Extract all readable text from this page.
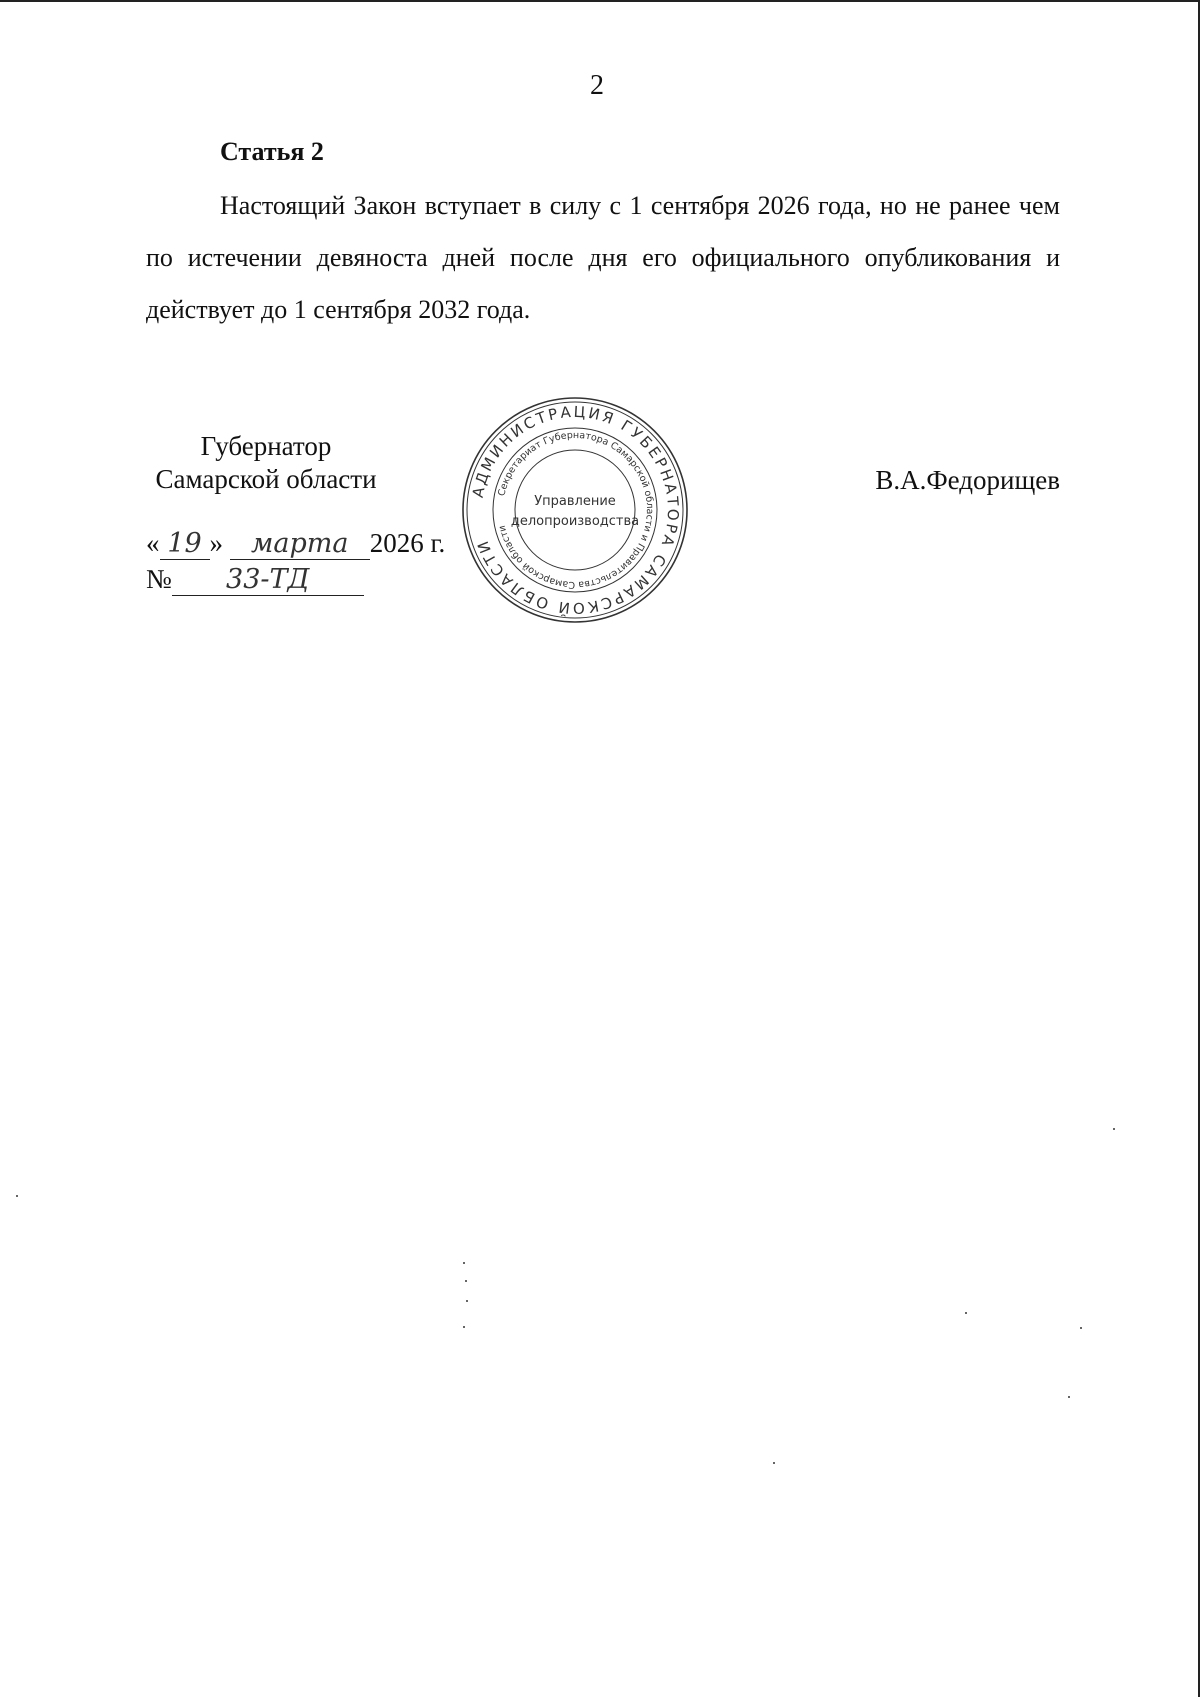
2
Статья 2
Настоящий Закон вступает в силу с 1 сентября 2026 года, но не ранее чем по истечении девяноста дней после дня его официального опубликования и действует до 1 сентября 2032 года.
Губернатор
Самарской области	В.А.Федорищев
« 19 » марта 2026 г.
№ 33-ТД
АДМИНИСТРАЦИЯ ГУБЕРНАТОРА САМАРСКОЙ ОБЛАСТИ
Секретариат Губернатора Самарской области и Правительства Самарской области
Управление
делопроизводства
